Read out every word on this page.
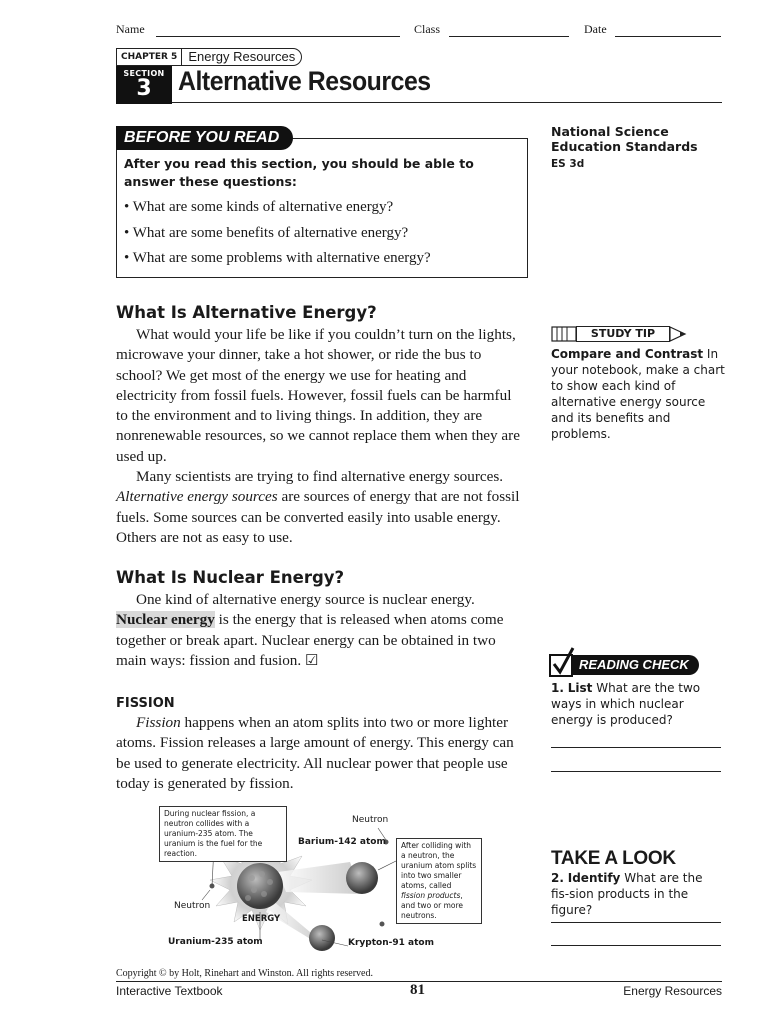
Name	Class	Date
CHAPTER 5 Energy Resources
SECTION
3 Alternative Resources
BEFORE YOU READ
After you read this section, you should be able to answer these questions:
• What are some kinds of alternative energy?
• What are some benefits of alternative energy?
• What are some problems with alternative energy?
National Science
Education Standards
ES 3d
What Is Alternative Energy?

What would your life be like if you couldn’t turn on the lights, microwave your dinner, take a hot shower, or ride the bus to school? We get most of the energy we use for heating and electricity from fossil fuels. However, fossil fuels can be harmful to the environment and to living things. In addition, they are nonrenewable resources, so we cannot replace them when they are used up.

Many scientists are trying to find alternative energy sources. Alternative energy sources are sources of energy that are not fossil fuels. Some sources can be converted easily into usable energy. Others are not as easy to use.

STUDY TIP
Compare and Contrast In your notebook, make a chart to show each kind of alternative energy source and its benefits and problems.
What Is Nuclear Energy?

One kind of alternative energy source is nuclear energy. Nuclear energy is the energy that is released when atoms come together or break apart. Nuclear energy can be obtained in two main ways: fission and fusion. ☑	READING CHECK
1. List What are the two ways in which nuclear energy is produced?
FISSION

Fission happens when an atom splits into two or more lighter atoms. Fission releases a large amount of energy. This energy can be used to generate electricity. All nuclear power that people use today is generated by fission.

During nuclear fission, a neutron collides with a uranium-235 atom. The uranium is the fuel for the reaction.
After colliding with a neutron, the uranium atom splits into two smaller atoms, called fission products, and two or more neutrons.
Neutron
Barium-142 atom
Neutron
ENERGY
Uranium-235 atom	Krypton-91 atom
TAKE A LOOK
2. Identify What are the fis-sion products in the figure?
Copyright © by Holt, Rinehart and Winston. All rights reserved.
Interactive Textbook	81	Energy Resources
